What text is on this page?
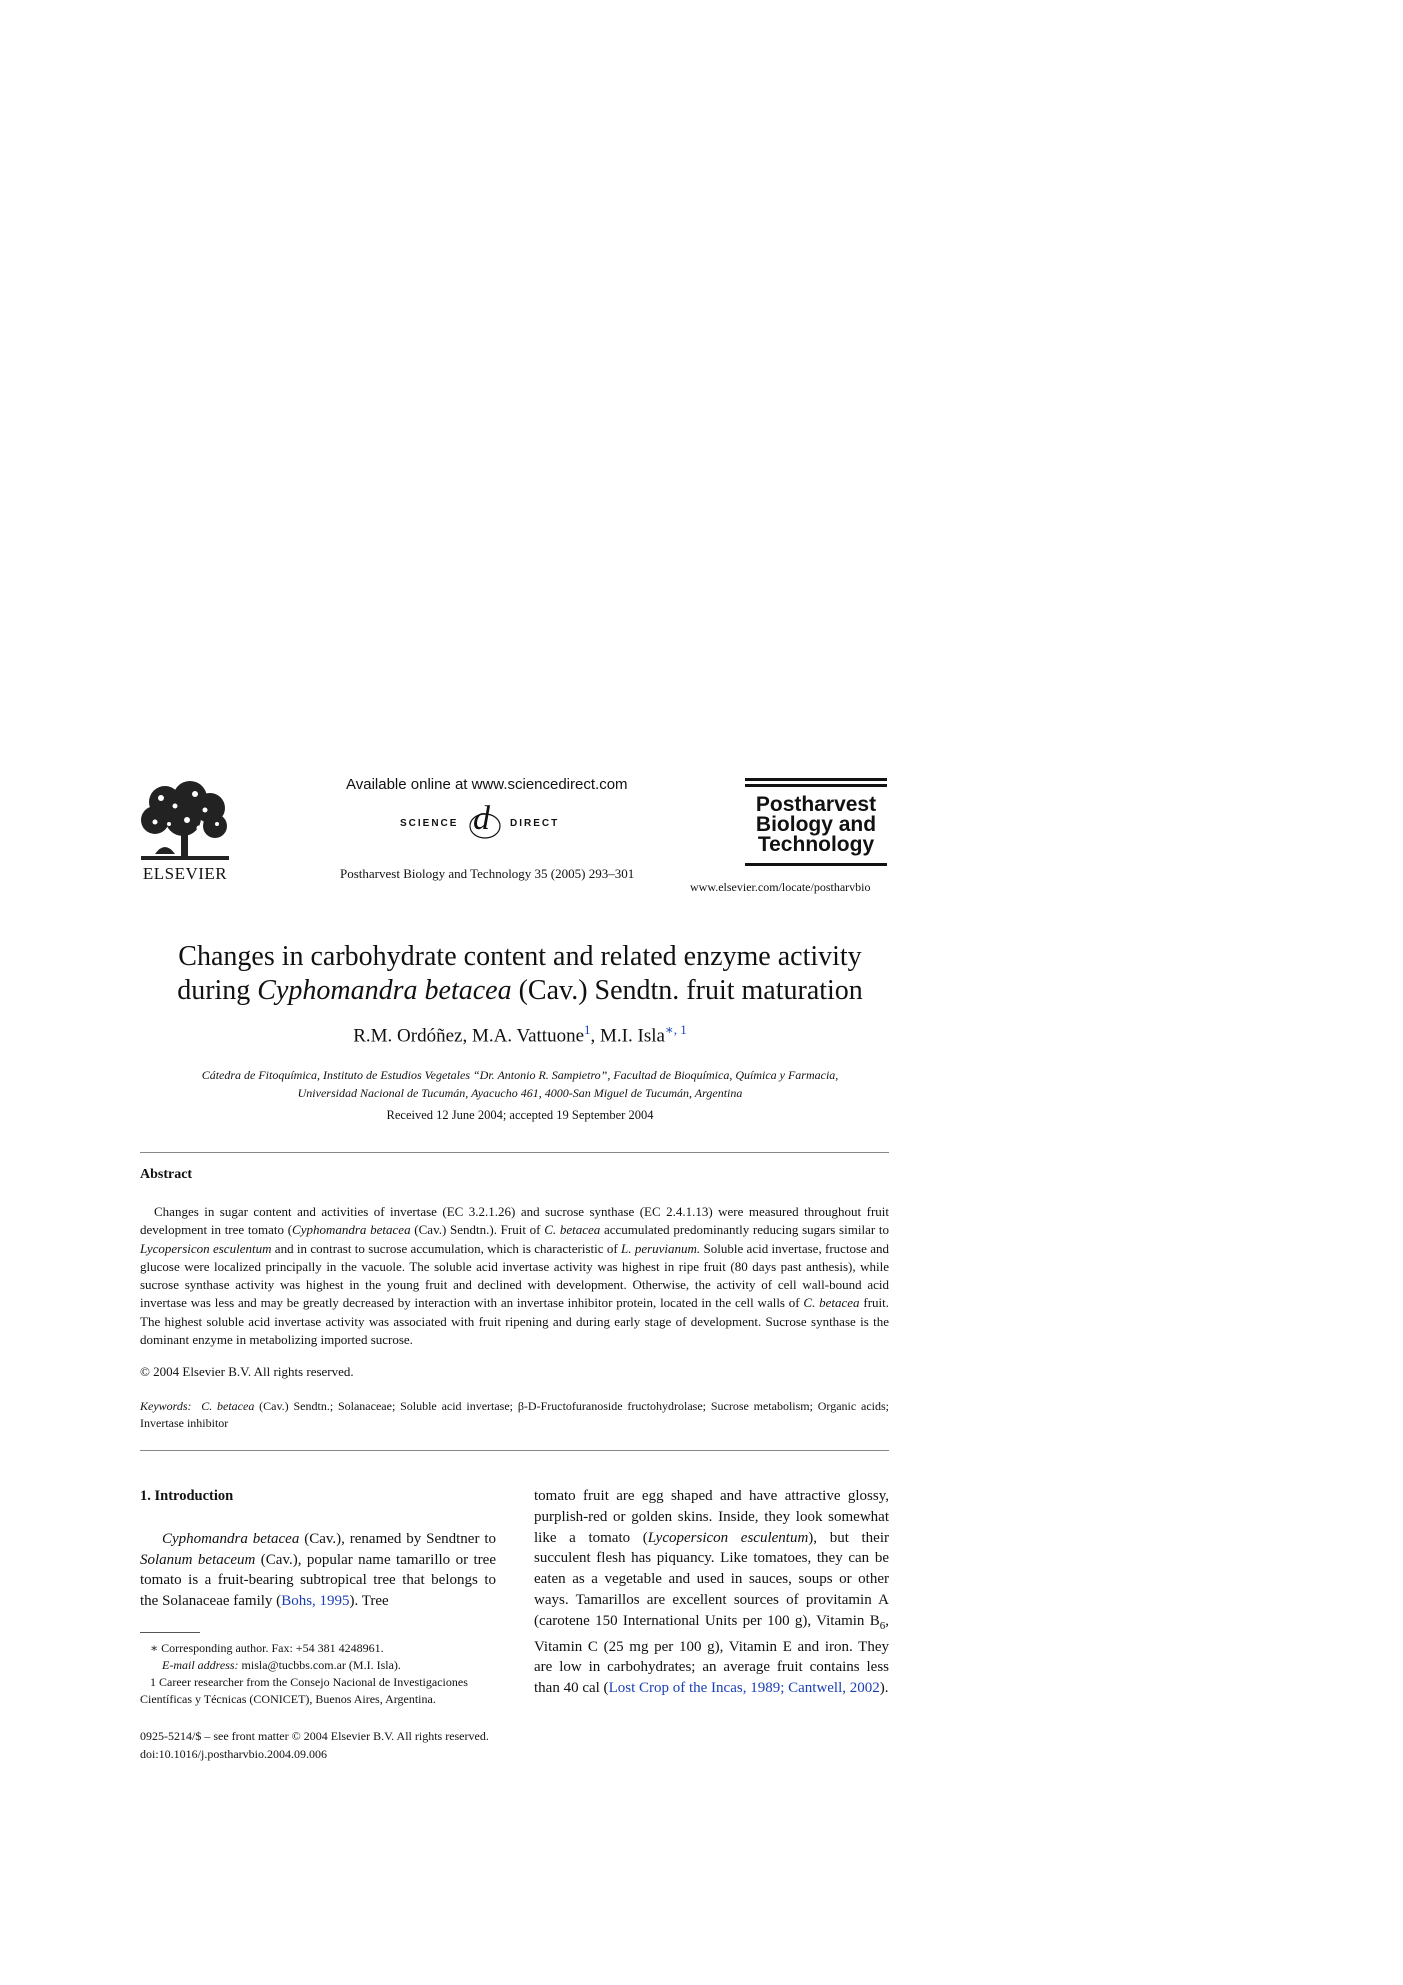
ELSEVIER
Available online at www.sciencedirect.com
SCIENCE d DIRECT
Postharvest Biology and Technology 35 (2005) 293–301
Postharvest
Biology and
Technology
www.elsevier.com/locate/postharvbio
Changes in carbohydrate content and related enzyme activity
during Cyphomandra betacea (Cav.) Sendtn. fruit maturation
R.M. Ordóñez, M.A. Vattuone$^1$, M.I. Isla$^{∗, 1}$
Cátedra de Fitoquímica, Instituto de Estudios Vegetales “Dr. Antonio R. Sampietro”, Facultad de Bioquímica, Química y Farmacia,
Universidad Nacional de Tucumán, Ayacucho 461, 4000-San Miguel de Tucumán, Argentina
Received 12 June 2004; accepted 19 September 2004
Abstract

Changes in sugar content and activities of invertase (EC 3.2.1.26) and sucrose synthase (EC 2.4.1.13) were measured throughout fruit development in tree tomato (Cyphomandra betacea (Cav.) Sendtn.). Fruit of C. betacea accumulated predominantly reducing sugars similar to Lycopersicon esculentum and in contrast to sucrose accumulation, which is characteristic of L. peruvianum. Soluble acid invertase, fructose and glucose were localized principally in the vacuole. The soluble acid invertase activity was highest in ripe fruit (80 days past anthesis), while sucrose synthase activity was highest in the young fruit and declined with development. Otherwise, the activity of cell wall-bound acid invertase was less and may be greatly decreased by interaction with an invertase inhibitor protein, located in the cell walls of C. betacea fruit. The highest soluble acid invertase activity was associated with fruit ripening and during early stage of development. Sucrose synthase is the dominant enzyme in metabolizing imported sucrose.

© 2004 Elsevier B.V. All rights reserved.
Keywords: C. betacea (Cav.) Sendtn.; Solanaceae; Soluble acid invertase; β-D-Fructofuranoside fructohydrolase; Sucrose metabolism; Organic acids; Invertase inhibitor
1. Introduction

Cyphomandra betacea (Cav.), renamed by Sendtner to Solanum betaceum (Cav.), popular name tamarillo or tree tomato is a fruit-bearing subtropical tree that belongs to the Solanaceae family (Bohs, 1995). Tree

∗ Corresponding author. Fax: +54 381 4248961.

E-mail address: misla@tucbbs.com.ar (M.I. Isla).

1 Career researcher from the Consejo Nacional de Investigaciones Científicas y Técnicas (CONICET), Buenos Aires, Argentina.

0925-5214/$ – see front matter © 2004 Elsevier B.V. All rights reserved.
doi:10.1016/j.postharvbio.2004.09.006

tomato fruit are egg shaped and have attractive glossy, purplish-red or golden skins. Inside, they look somewhat like a tomato (Lycopersicon esculentum), but their succulent flesh has piquancy. Like tomatoes, they can be eaten as a vegetable and used in sauces, soups or other ways. Tamarillos are excellent sources of provitamin A (carotene 150 International Units per 100 g), Vitamin $B_6$, Vitamin C (25 mg per 100 g), Vitamin E and iron. They are low in carbohydrates; an average fruit contains less than 40 cal (Lost Crop of the Incas, 1989; Cantwell, 2002).
